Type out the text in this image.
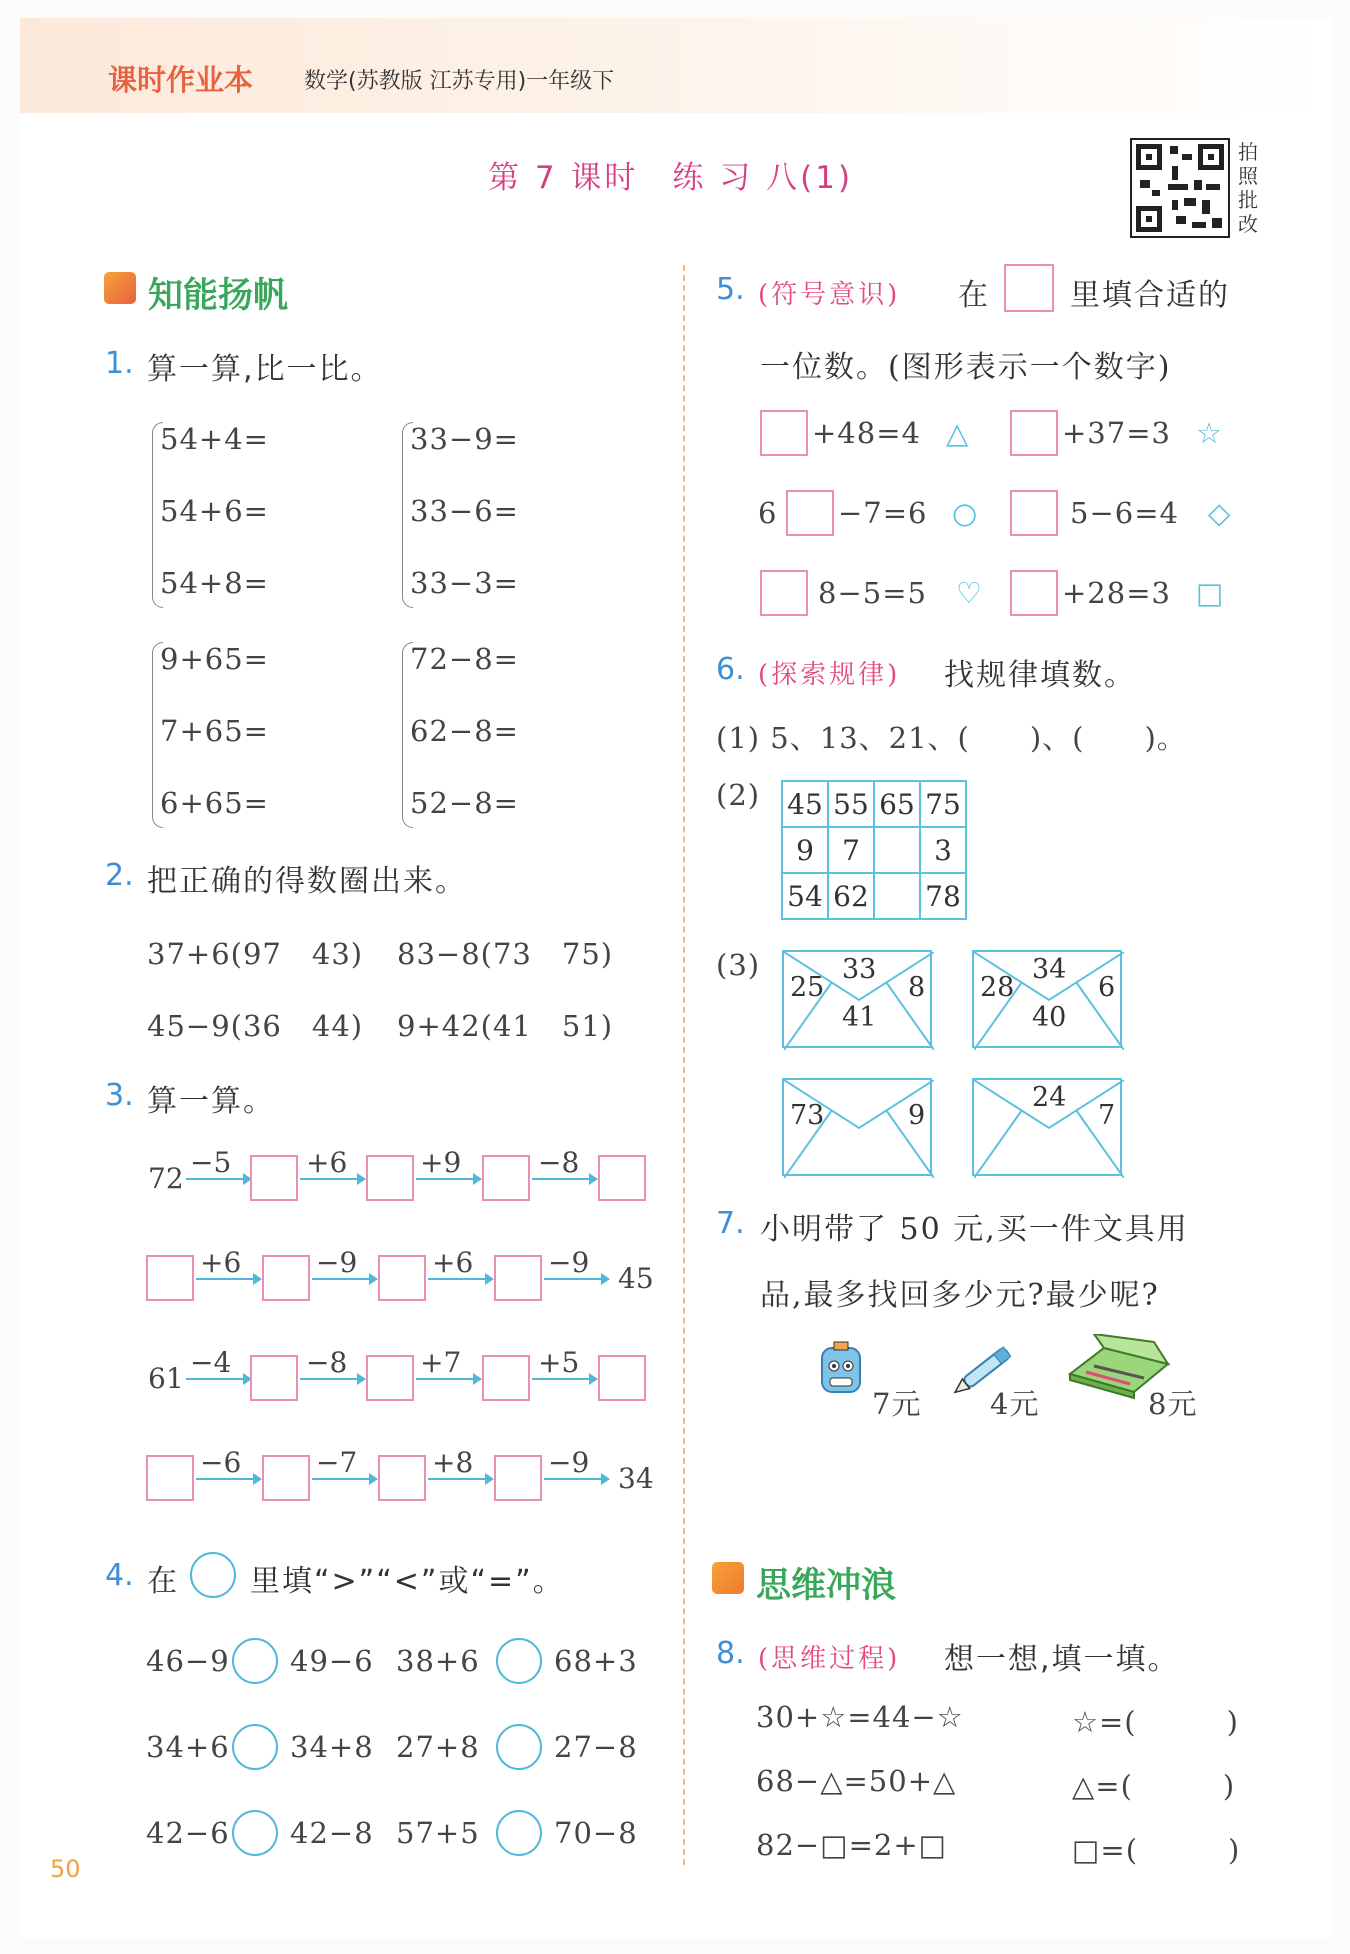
课时作业本 数学(苏教版 江苏专用)一年级下
第 7 课时　练 习 八(1)
拍照批改
知能扬帆
1. 算一算,比一比。
54+4=
54+6=
54+8=
33−9=
33−6=
33−3=
9+65=
7+65=
6+65=
72−8=
62−8=
52−8=
2. 把正确的得数圈出来。
37+6(97　43) 83−8(73　75)
45−9(36　44) 9+42(41　51)
3. 算一算。
72 −5	+6	+9	−8
+6	−9	+6	−9 45
61 −4	−8	+7	+5
−6	−7	+8	−9 34
4. 在 里填“>”“<”或“=”。
46−9 49−6 38+6	68+3
34+6 34+8 27+8	27−8
42−6 42−8 57+5	70−8
50
5. (符号意识) 在	里填合适的
一位数。(图形表示一个数字)
+48=4 △	+37=3 ☆
6 −7=6 ○	5−6=4 ◇
8−5=5 ♡	+28=3 □
6. (探索规律) 找规律填数。
(1) 5、13、21、(　　)、(　　)。
(2) 45	55	65	75
9	7		3
54	62		78
(3)	33
25	8
41
34
28	6
40
73	9
24
7
7. 小明带了 50 元,买一件文具用
品,最多找回多少元?最少呢?
7元 4元	8元
思维冲浪
8. (思维过程) 想一想,填一填。
30+☆=44−☆	☆=(　　　)
68−△=50+△	△=(　　　)
82−□=2+□	□=(　　　)
